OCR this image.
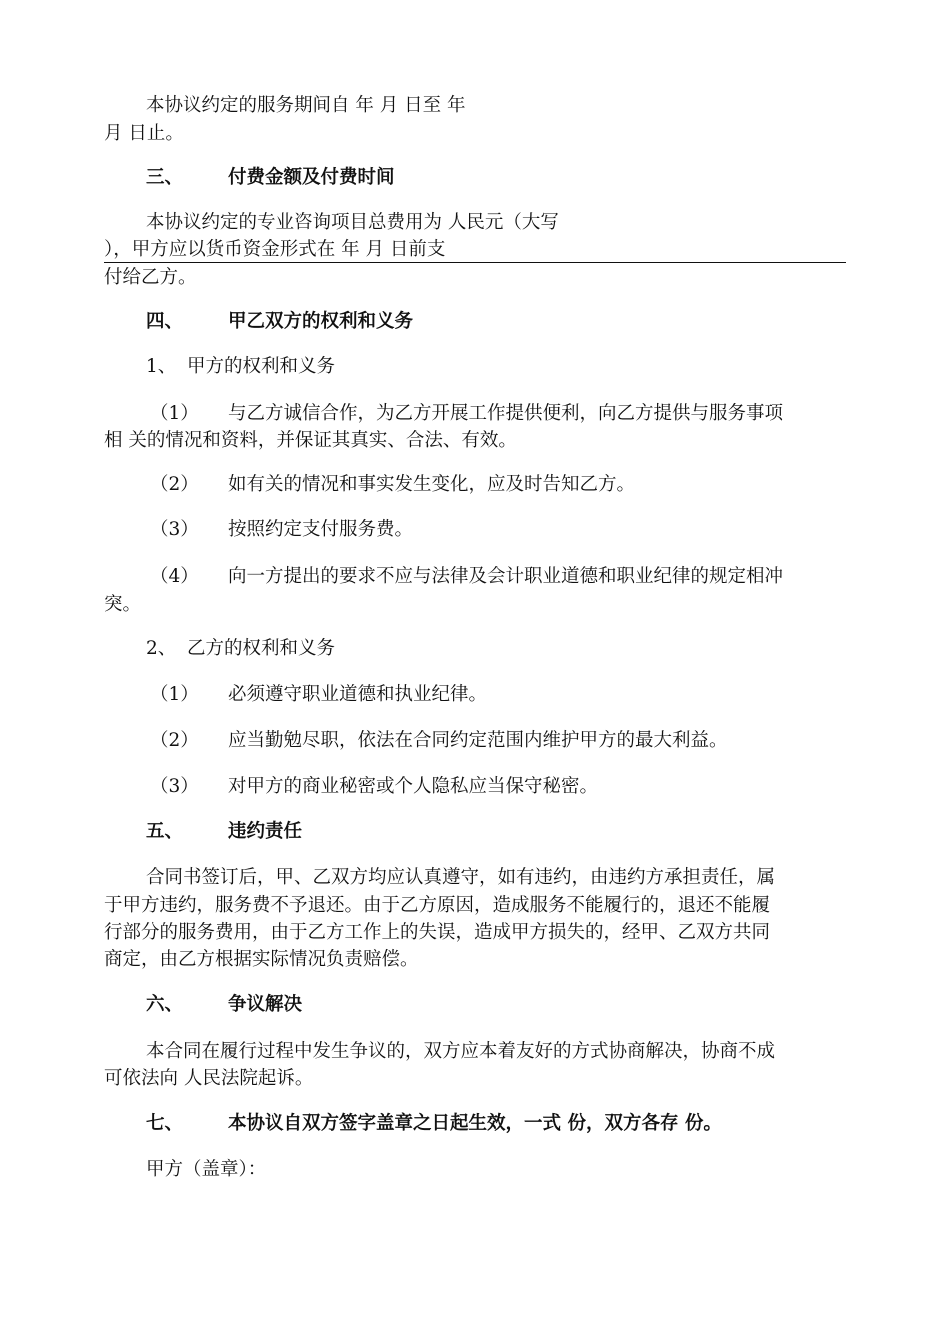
本协议约定的服务期间自 年 月 日至 年
月 日止。
三、 付费金额及付费时间
本协议约定的专业咨询项目总费用为 人民元（大写
），甲方应以货币资金形式在 年 月 日前支
付给乙方。
四、 甲乙双方的权利和义务
1、 甲方的权利和义务
（1） 与乙方诚信合作，为乙方开展工作提供便利，向乙方提供与服务事项
相 关的情况和资料，并保证其真实、合法、有效。
（2） 如有关的情况和事实发生变化，应及时告知乙方。
（3） 按照约定支付服务费。
（4） 向一方提出的要求不应与法律及会计职业道德和职业纪律的规定相冲
突。
2、 乙方的权利和义务
（1） 必须遵守职业道德和执业纪律。
（2） 应当勤勉尽职，依法在合同约定范围内维护甲方的最大利益。
（3） 对甲方的商业秘密或个人隐私应当保守秘密。
五、 违约责任
合同书签订后，甲、乙双方均应认真遵守，如有违约，由违约方承担责任，属
于甲方违约，服务费不予退还。由于乙方原因，造成服务不能履行的，退还不能履
行部分的服务费用，由于乙方工作上的失误，造成甲方损失的，经甲、乙双方共同
商定，由乙方根据实际情况负责赔偿。
六、 争议解决
本合同在履行过程中发生争议的，双方应本着友好的方式协商解决，协商不成
可依法向 人民法院起诉。
七、 本协议自双方签字盖章之日起生效，一式 份，双方各存 份。
甲方（盖章）：
